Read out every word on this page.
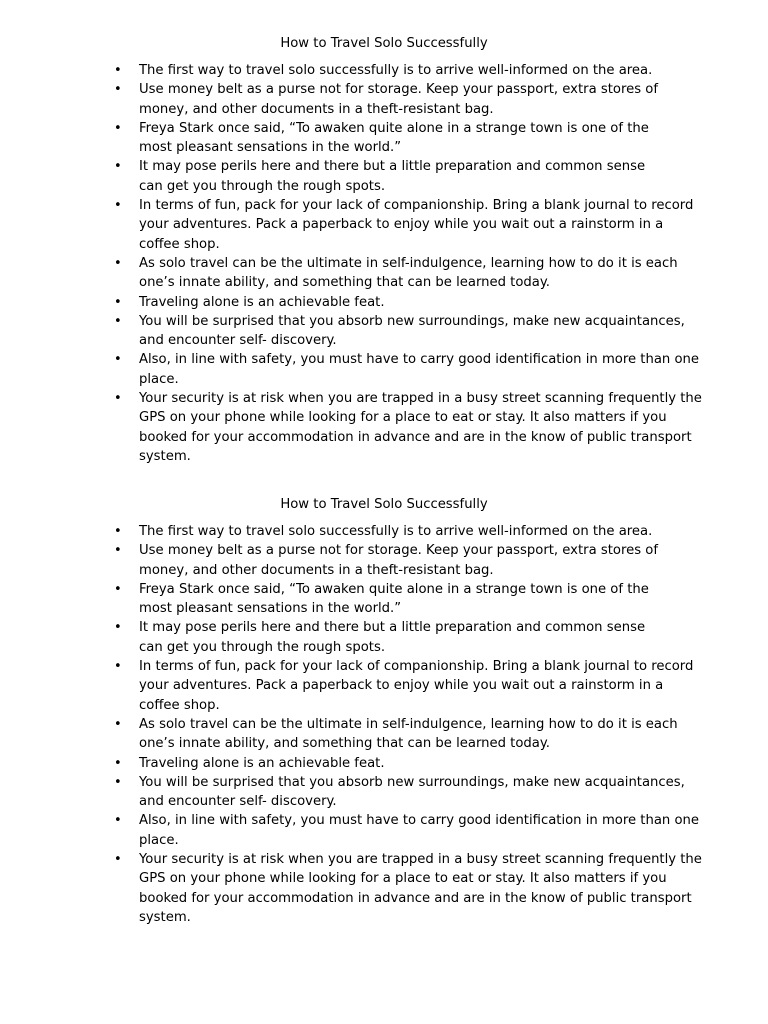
How to Travel Solo Successfully
• The first way to travel solo successfully is to arrive well-informed on the area.
• Use money belt as a purse not for storage. Keep your passport, extra stores of
money, and other documents in a theft-resistant bag.
• Freya Stark once said, “To awaken quite alone in a strange town is one of the
most pleasant sensations in the world.”
• It may pose perils here and there but a little preparation and common sense
can get you through the rough spots.
• In terms of fun, pack for your lack of companionship. Bring a blank journal to record
your adventures. Pack a paperback to enjoy while you wait out a rainstorm in a
coffee shop.
• As solo travel can be the ultimate in self-indulgence, learning how to do it is each
one’s innate ability, and something that can be learned today.
• Traveling alone is an achievable feat.
• You will be surprised that you absorb new surroundings, make new acquaintances,
and encounter self- discovery.
• Also, in line with safety, you must have to carry good identification in more than one
place.
• Your security is at risk when you are trapped in a busy street scanning frequently the
GPS on your phone while looking for a place to eat or stay. It also matters if you
booked for your accommodation in advance and are in the know of public transport
system.
How to Travel Solo Successfully
• The first way to travel solo successfully is to arrive well-informed on the area.
• Use money belt as a purse not for storage. Keep your passport, extra stores of
money, and other documents in a theft-resistant bag.
• Freya Stark once said, “To awaken quite alone in a strange town is one of the
most pleasant sensations in the world.”
• It may pose perils here and there but a little preparation and common sense
can get you through the rough spots.
• In terms of fun, pack for your lack of companionship. Bring a blank journal to record
your adventures. Pack a paperback to enjoy while you wait out a rainstorm in a
coffee shop.
• As solo travel can be the ultimate in self-indulgence, learning how to do it is each
one’s innate ability, and something that can be learned today.
• Traveling alone is an achievable feat.
• You will be surprised that you absorb new surroundings, make new acquaintances,
and encounter self- discovery.
• Also, in line with safety, you must have to carry good identification in more than one
place.
• Your security is at risk when you are trapped in a busy street scanning frequently the
GPS on your phone while looking for a place to eat or stay. It also matters if you
booked for your accommodation in advance and are in the know of public transport
system.
